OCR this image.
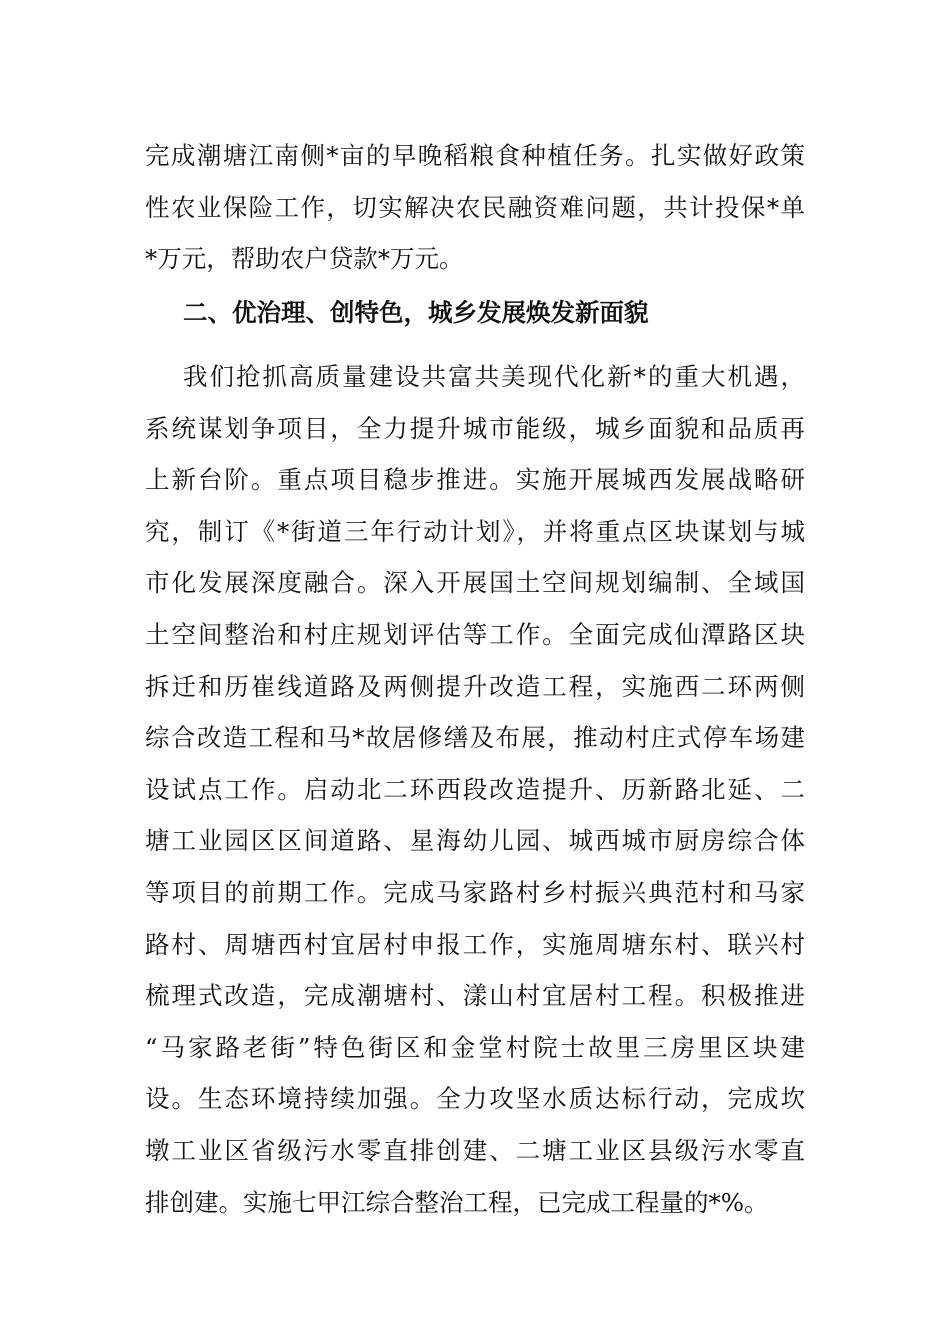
完成潮塘江南侧*亩的早晚稻粮食种植任务。扎实做好政策
性农业保险工作，切实解决农民融资难问题，共计投保*单
*万元，帮助农户贷款*万元。
二、优治理、创特色，城乡发展焕发新面貌
我们抢抓高质量建设共富共美现代化新*的重大机遇，
系统谋划争项目，全力提升城市能级，城乡面貌和品质再
上新台阶。重点项目稳步推进。实施开展城西发展战略研
究，制订《*街道三年行动计划》，并将重点区块谋划与城
市化发展深度融合。深入开展国土空间规划编制、全域国
土空间整治和村庄规划评估等工作。全面完成仙潭路区块
拆迁和历崔线道路及两侧提升改造工程，实施西二环两侧
综合改造工程和马*故居修缮及布展，推动村庄式停车场建
设试点工作。启动北二环西段改造提升、历新路北延、二
塘工业园区区间道路、星海幼儿园、城西城市厨房综合体
等项目的前期工作。完成马家路村乡村振兴典范村和马家
路村、周塘西村宜居村申报工作，实施周塘东村、联兴村
梳理式改造，完成潮塘村、漾山村宜居村工程。积极推进
“马家路老街”特色街区和金堂村院士故里三房里区块建
设。生态环境持续加强。全力攻坚水质达标行动，完成坎
墩工业区省级污水零直排创建、二塘工业区县级污水零直
排创建。实施七甲江综合整治工程，已完成工程量的*%。
